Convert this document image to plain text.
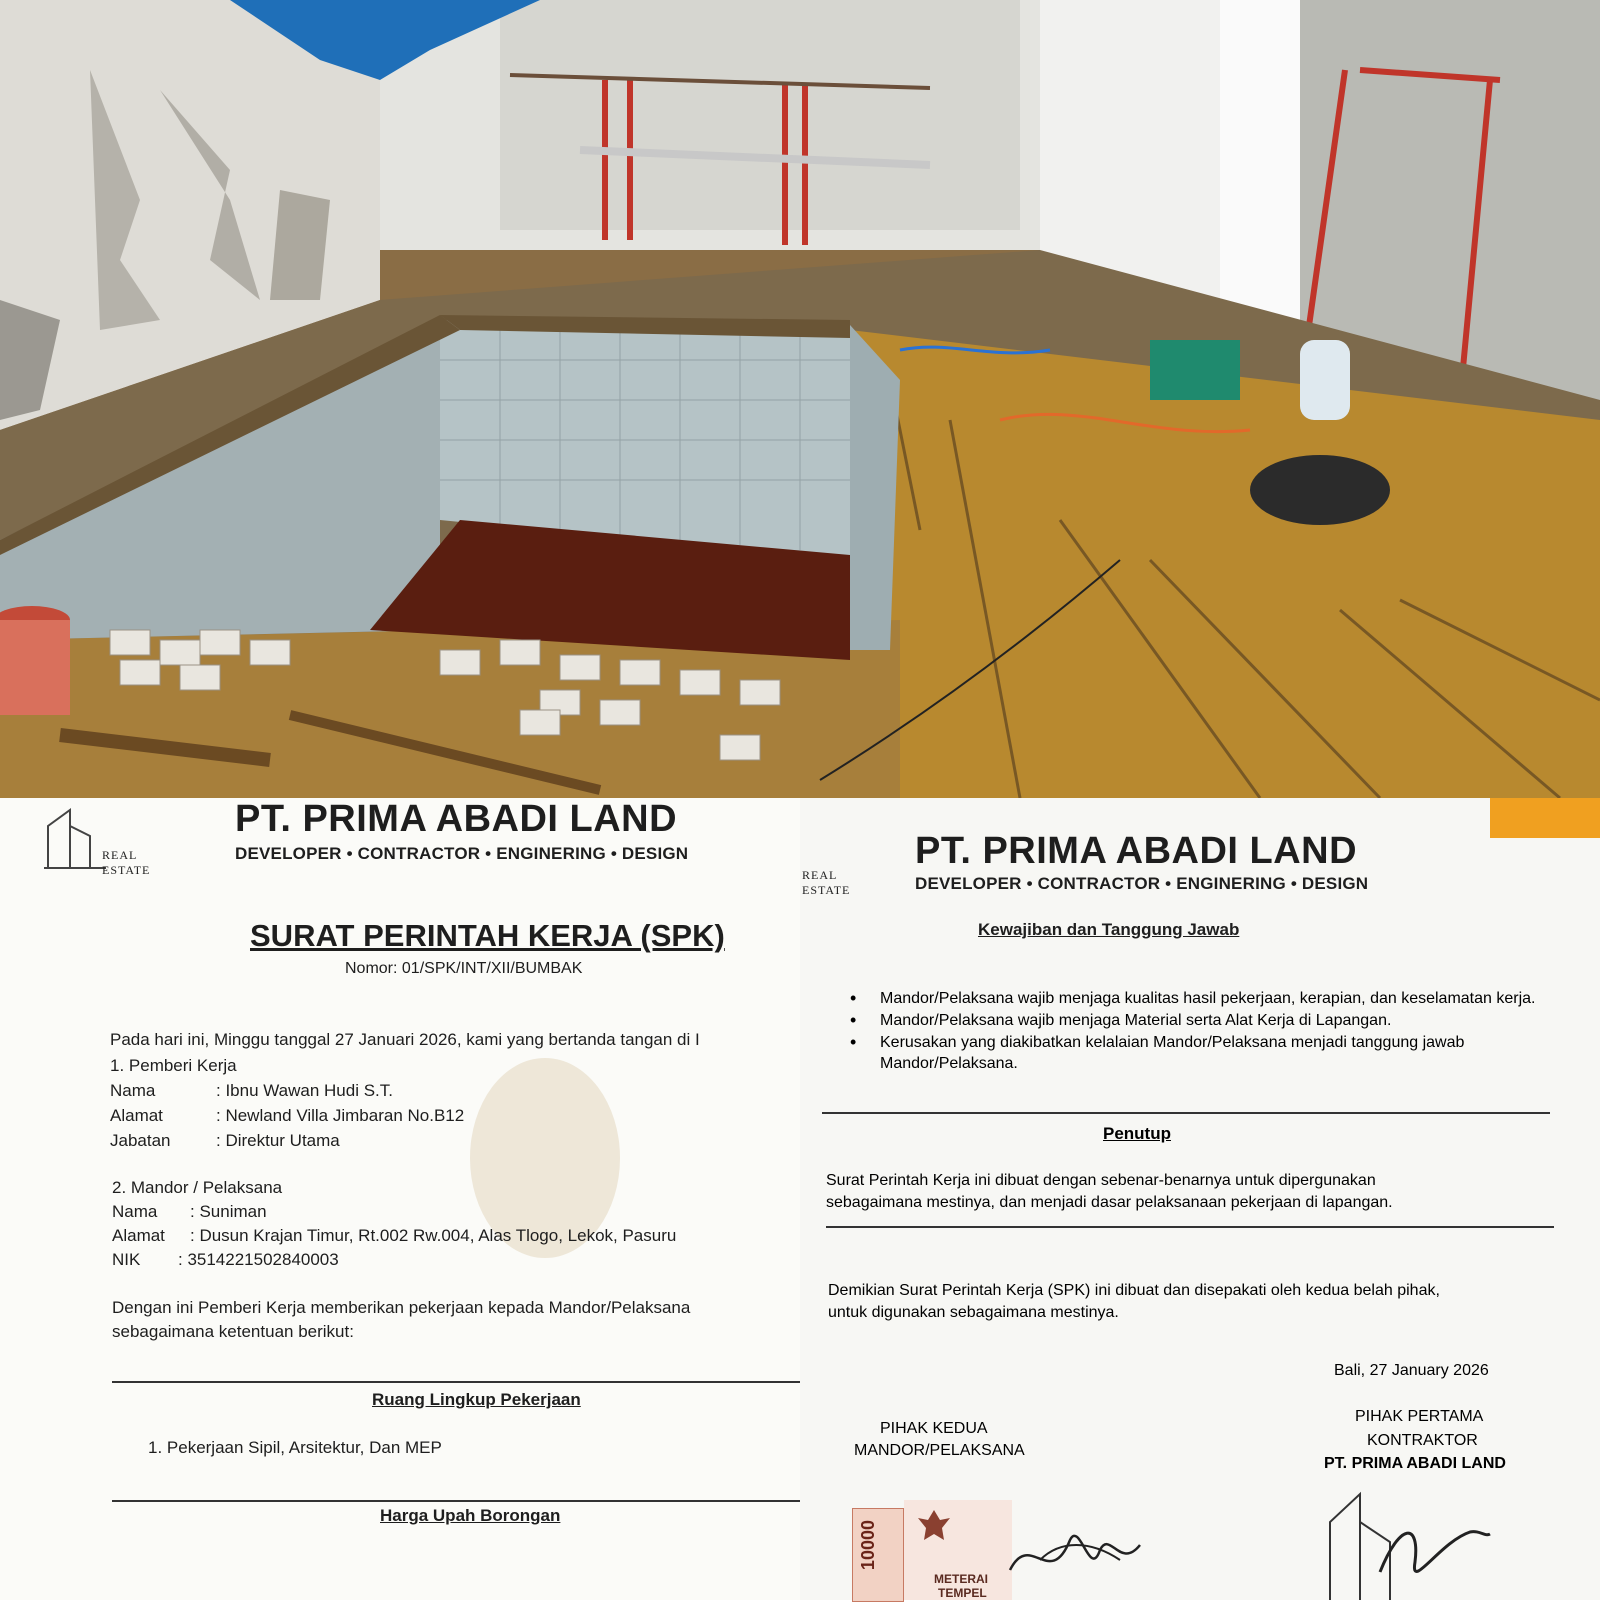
REAL ESTATE
PT. PRIMA ABADI LAND
DEVELOPER • CONTRACTOR • ENGINERING • DESIGN
SURAT PERINTAH KERJA (SPK)
Nomor: 01/SPK/INT/XII/BUMBAK
Pada hari ini, Minggu tanggal 27 Januari 2026, kami yang bertanda tangan di I
1. Pemberi Kerja
Nama	: Ibnu Wawan Hudi S.T.
Alamat	: Newland Villa Jimbaran No.B12
Jabatan	: Direktur Utama
2. Mandor / Pelaksana
Nama : Suniman
Alamat : Dusun Krajan Timur, Rt.002 Rw.004, Alas Tlogo, Lekok, Pasuru
NIK : 3514221502840003
Dengan ini Pemberi Kerja memberikan pekerjaan kepada Mandor/Pelaksana
sebagaimana ketentuan berikut:
Ruang Lingkup Pekerjaan
1. Pekerjaan Sipil, Arsitektur, Dan MEP
Harga Upah Borongan
REAL ESTATE
PT. PRIMA ABADI LAND
DEVELOPER • CONTRACTOR • ENGINERING • DESIGN
Kewajiban dan Tanggung Jawab
• Mandor/Pelaksana wajib menjaga kualitas hasil pekerjaan, kerapian, dan keselamatan kerja.
• Mandor/Pelaksana wajib menjaga Material serta Alat Kerja di Lapangan.
• Kerusakan yang diakibatkan kelalaian Mandor/Pelaksana menjadi tanggung jawab Mandor/Pelaksana.
Penutup
Surat Perintah Kerja ini dibuat dengan sebenar-benarnya untuk dipergunakan
sebagaimana mestinya, dan menjadi dasar pelaksanaan pekerjaan di lapangan.
Demikian Surat Perintah Kerja (SPK) ini dibuat dan disepakati oleh kedua belah pihak,
untuk digunakan sebagaimana mestinya.
Bali, 27 January 2026
PIHAK KEDUA
MANDOR/PELAKSANA
PIHAK PERTAMA
KONTRAKTOR
PT. PRIMA ABADI LAND
10000
METERAI
TEMPEL
